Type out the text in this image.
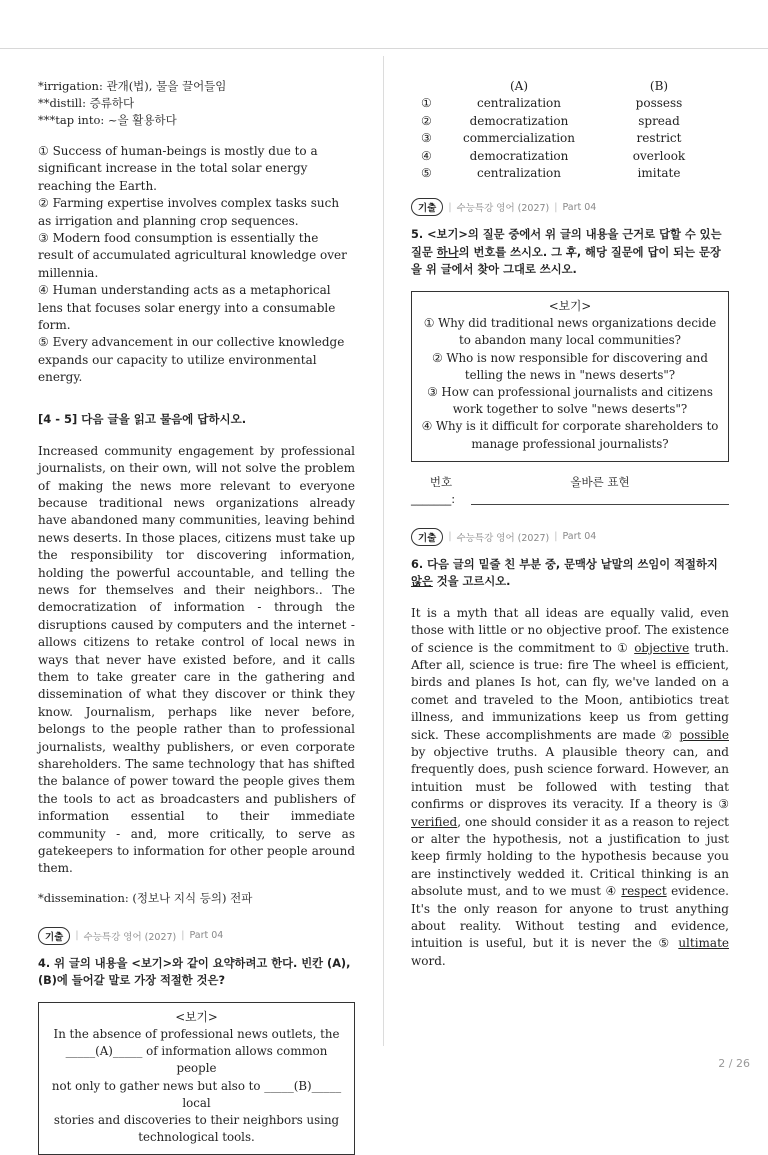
*irrigation: 관개(법), 물을 끌어들임

**distill: 증류하다

***tap into: ~을 활용하다

① Success of human-beings is mostly due to a significant increase in the total solar energy reaching the Earth.

② Farming expertise involves complex tasks such as irrigation and planning crop sequences.

③ Modern food consumption is essentially the result of accumulated agricultural knowledge over millennia.

④ Human understanding acts as a metaphorical lens that focuses solar energy into a consumable form.

⑤ Every advancement in our collective knowledge expands our capacity to utilize environmental energy.

[4 - 5] 다음 글을 읽고 물음에 답하시오.

Increased community engagement by professional journalists, on their own, will not solve the problem of making the news more relevant to everyone because traditional news organizations already have abandoned many communities, leaving behind news deserts. In those places, citizens must take up the responsibility tor discovering information, holding the powerful accountable, and telling the news for themselves and their neighbors.. The democratization of information - through the disruptions caused by computers and the internet - allows citizens to retake control of local news in ways that never have existed before, and it calls them to take greater care in the gathering and dissemination of what they discover or think they know. Journalism, perhaps like never before, belongs to the people rather than to professional journalists, wealthy publishers, or even corporate shareholders. The same technology that has shifted the balance of power toward the people gives them the tools to act as broadcasters and publishers of information essential to their immediate community - and, more critically, to serve as gatekeepers to information for other people around them.

*dissemination: (정보나 지식 등의) 전파

기출	| 수능특강 영어 (2027) | Part 04

4. 위 글의 내용을 <보기>와 같이 요약하려고 한다. 빈칸 (A), (B)에 들어갈 말로 가장 적절한 것은?

<보기>
In the absence of professional news outlets, the
_____(A)_____ of information allows common people
not only to gather news but also to _____(B)_____ local
stories and discoveries to their neighbors using
technological tools.
	(A)	(B)
①	centralization	possess
②	democratization	spread
③	commercialization	restrict
④	democratization	overlook
⑤	centralization	imitate
기출	| 수능특강 영어 (2027) | Part 04

5. <보기>의 질문 중에서 위 글의 내용을 근거로 답할 수 있는 질문 하나의 번호를 쓰시오. 그 후, 해당 질문에 답이 되는 문장을 위 글에서 찾아 그대로 쓰시오.

<보기>
① Why did traditional news organizations decide to abandon many local communities?
② Who is now responsible for discovering and telling the news in "news deserts"?
③ How can professional journalists and citizens work together to solve "news deserts"?
④ Why is it difficult for corporate shareholders to manage professional journalists?
번호	올바른 표현
_______:
기출	| 수능특강 영어 (2027) | Part 04

6. 다음 글의 밑줄 친 부분 중, 문맥상 낱말의 쓰임이 적절하지 않은 것을 고르시오.

It is a myth that all ideas are equally valid, even those with little or no objective proof. The existence of science is the commitment to ① objective truth. After all, science is true: fire The wheel is efficient, birds and planes Is hot, can fly, we've landed on a comet and traveled to the Moon, antibiotics treat illness, and immunizations keep us from getting sick. These accomplishments are made ② possible by objective truths. A plausible theory can, and frequently does, push science forward. However, an intuition must be followed with testing that confirms or disproves its veracity. If a theory is ③ verified, one should consider it as a reason to reject or alter the hypothesis, not a justification to just keep firmly holding to the hypothesis because you are instinctively wedded it. Critical thinking is an absolute must, and to we must ④ respect evidence. It's the only reason for anyone to trust anything about reality. Without testing and evidence, intuition is useful, but it is never the ⑤ ultimate word.

2 / 26
